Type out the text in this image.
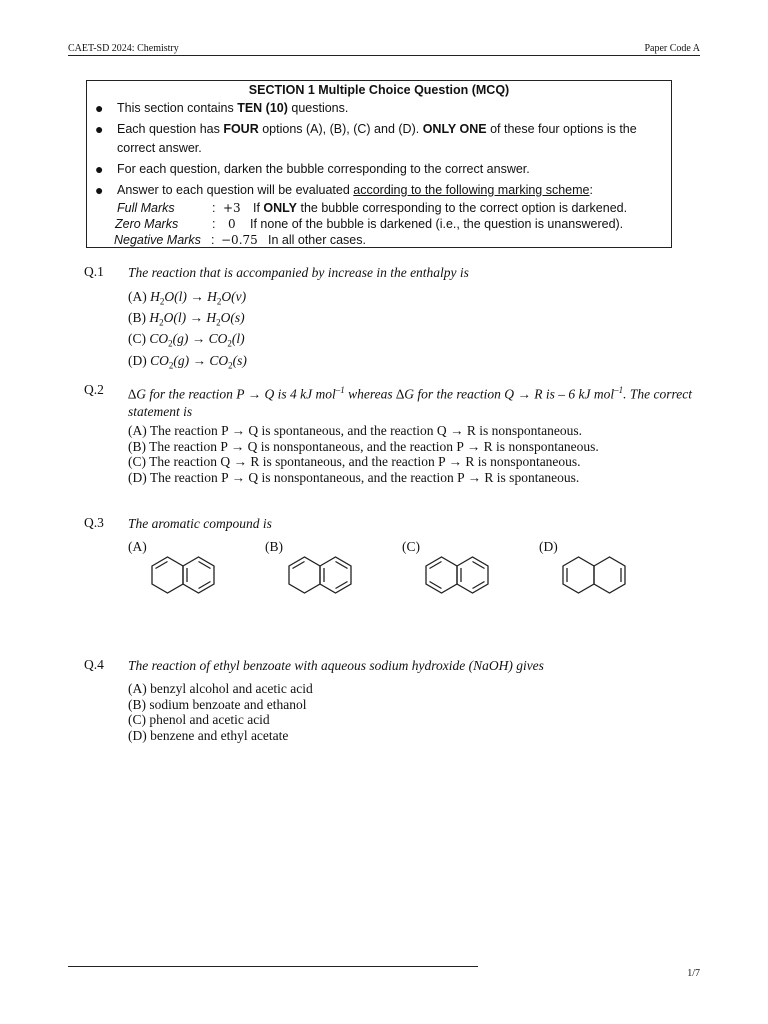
CAET-SD 2024: Chemistry	Paper Code A
SECTION 1 Multiple Choice Question (MCQ)
●	This section contains TEN (10) questions.
●	Each question has FOUR options (A), (B), (C) and (D). ONLY ONE of these four options is the correct answer.
●	For each question, darken the bubble corresponding to the correct answer.
●	Answer to each question will be evaluated according to the following marking scheme:
Full Marks	: +3 If ONLY the bubble corresponding to the correct option is darkened.
Zero Marks	: 0 If none of the bubble is darkened (i.e., the question is unanswered).
Negative Marks : −0.75 In all other cases.
Q.1 The reaction that is accompanied by increase in the enthalpy is
(A) $H_2O(l) \to H_2O(v)$
(B) $H_2O(l) \to H_2O(s)$
(C) $CO_2(g) \to CO_2(l)$
(D) $CO_2(g) \to CO_2(s)$
Q.2 ∆G for the reaction P → Q is 4 kJ mol$^{-1}$ whereas ∆G for the reaction Q → R is – 6 kJ mol$^{-1}$. The correct statement is
(A) The reaction P → Q is spontaneous, and the reaction Q → R is nonspontaneous.
(B) The reaction P → Q is nonspontaneous, and the reaction P → R is nonspontaneous.
(C) The reaction Q → R is spontaneous, and the reaction P → R is nonspontaneous.
(D) The reaction P → Q is nonspontaneous, and the reaction P → R is spontaneous.
Q.3 The aromatic compound is
(A)	(B)	(C)	(D)
Q.4 The reaction of ethyl benzoate with aqueous sodium hydroxide (NaOH) gives
(A) benzyl alcohol and acetic acid
(B) sodium benzoate and ethanol
(C) phenol and acetic acid
(D) benzene and ethyl acetate
1/7
